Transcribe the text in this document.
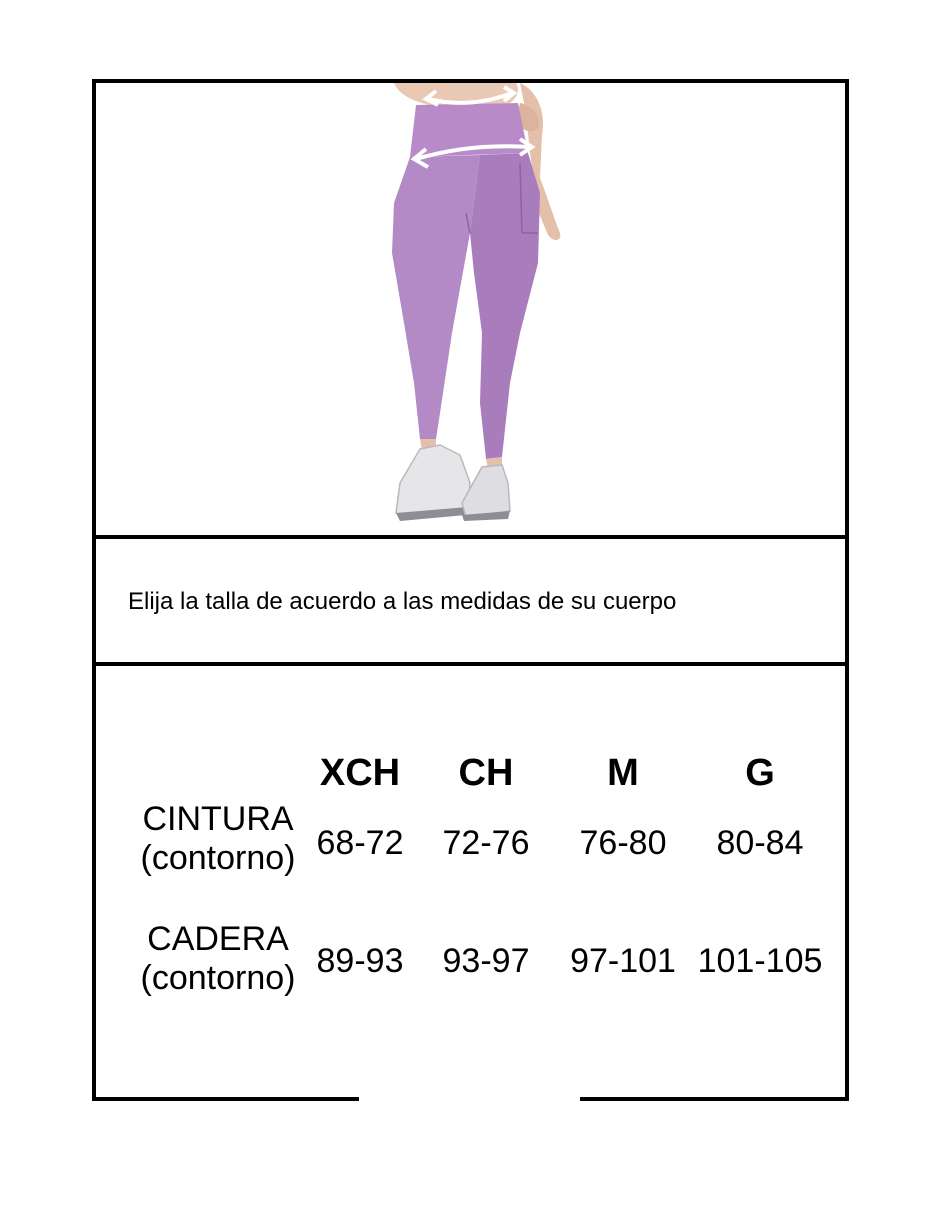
Elija la talla de acuerdo a las medidas de su cuerpo
XCH	CH	M	G
CINTURA
(contorno) 68-72	72-76	76-80	80-84
CADERA
(contorno) 89-93	93-97	97-101 101-105
